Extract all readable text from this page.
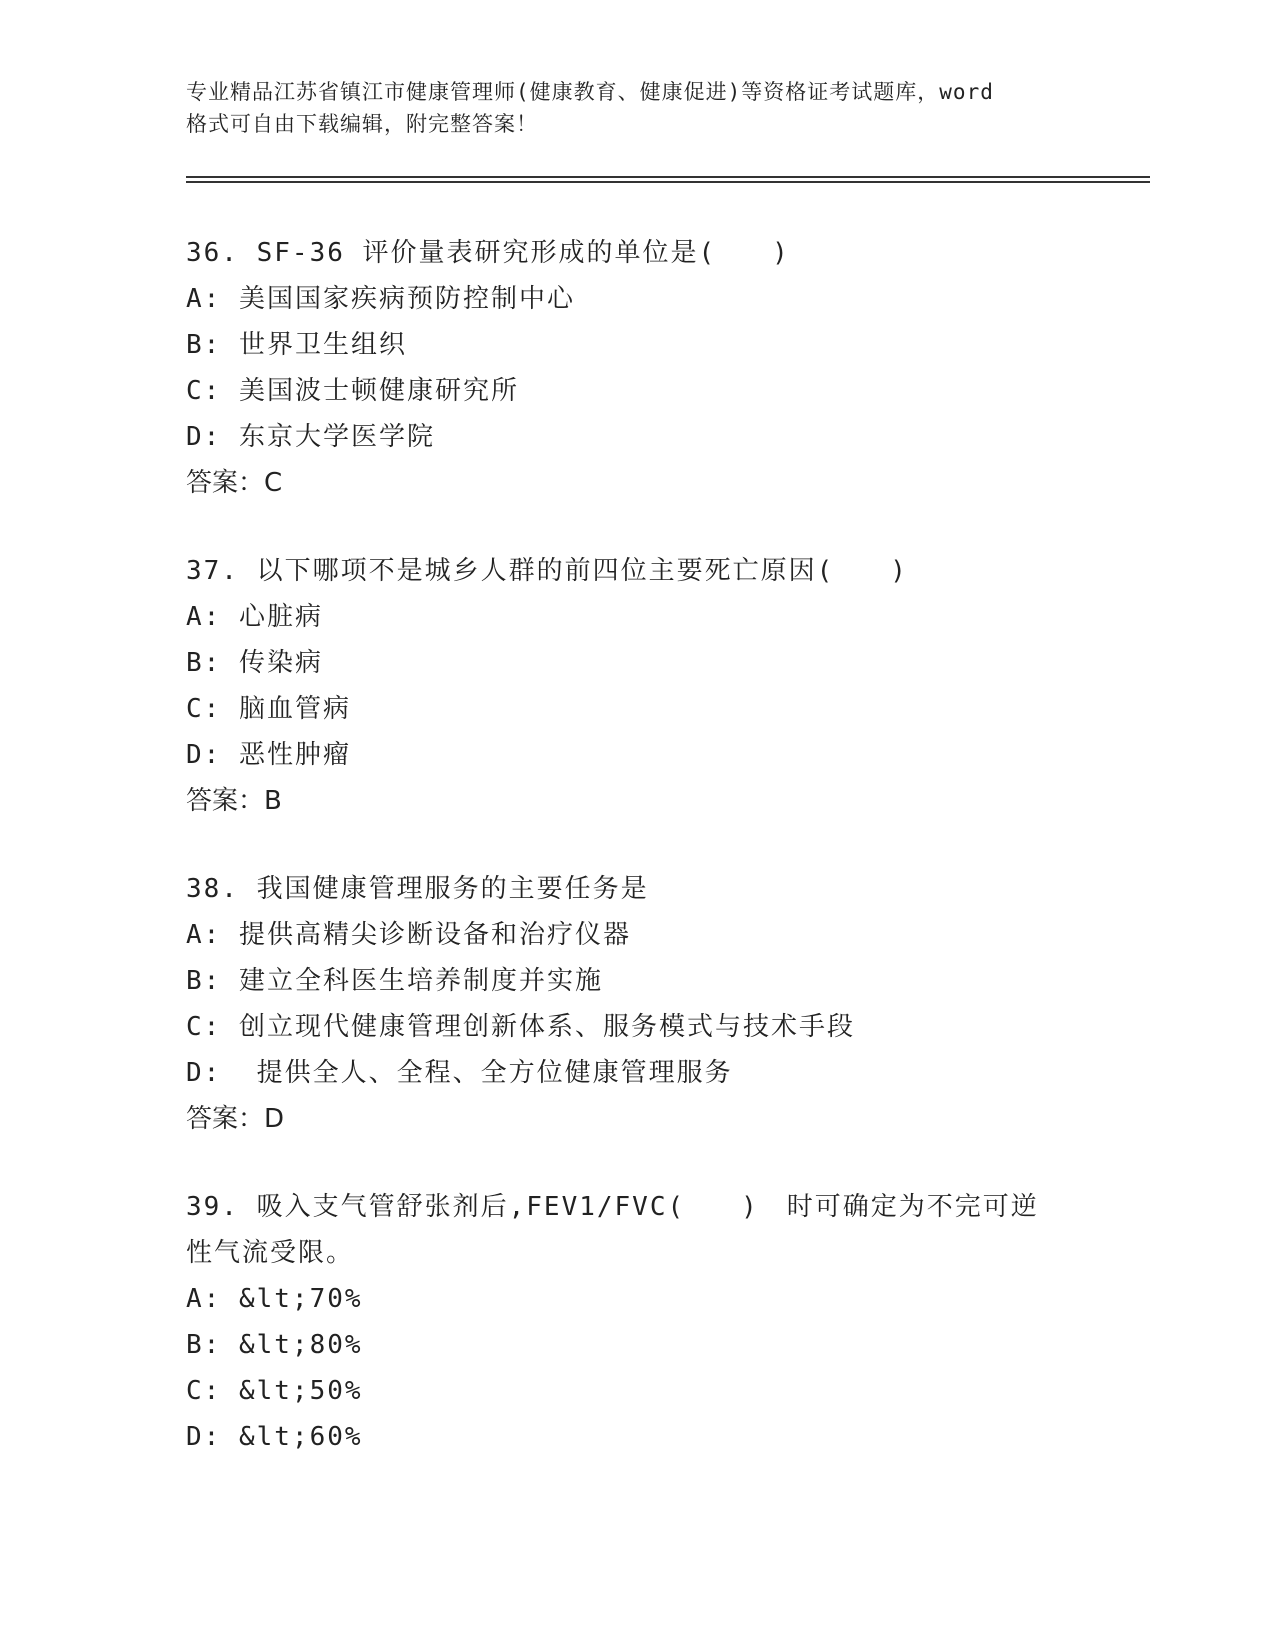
专业精品江苏省镇江市健康管理师(健康教育、健康促进)等资格证考试题库，word
格式可自由下载编辑，附完整答案！
36. SF-36 评价量表研究形成的单位是(　　)
A: 美国国家疾病预防控制中心
B: 世界卫生组织
C: 美国波士顿健康研究所
D: 东京大学医学院
答案：C
37. 以下哪项不是城乡人群的前四位主要死亡原因(　　)
A: 心脏病
B: 传染病
C: 脑血管病
D: 恶性肿瘤
答案：B
38. 我国健康管理服务的主要任务是
A: 提供高精尖诊断设备和治疗仪器
B: 建立全科医生培养制度并实施
C: 创立现代健康管理创新体系、服务模式与技术手段
D:  提供全人、全程、全方位健康管理服务
答案：D
39. 吸入支气管舒张剂后,FEV1/FVC(　　)　时可确定为不完可逆性气流受限。
A: &lt;70%
B: &lt;80%
C: &lt;50%
D: &lt;60%
